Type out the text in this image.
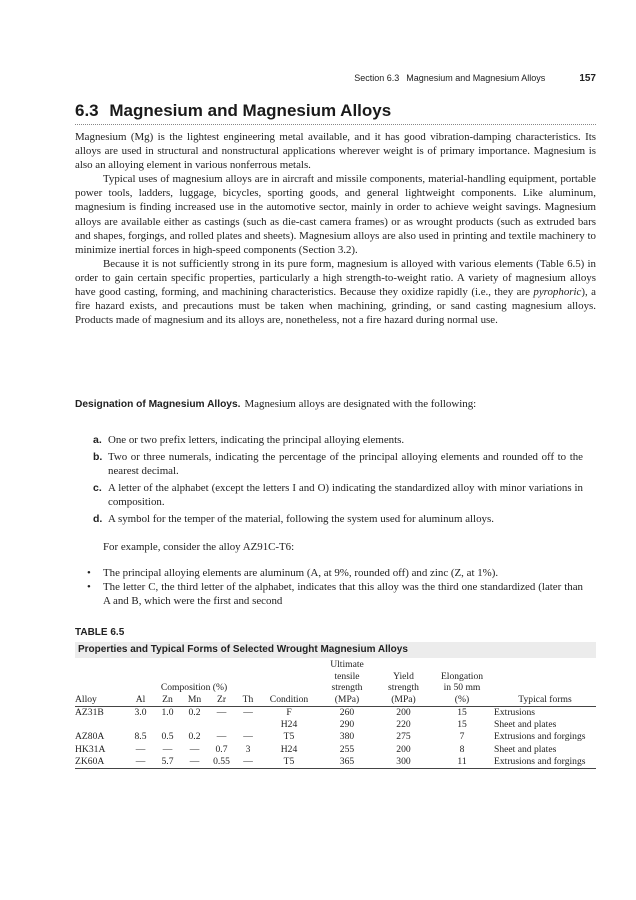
Section 6.3 Magnesium and Magnesium Alloys	157
6.3 Magnesium and Magnesium Alloys

Magnesium (Mg) is the lightest engineering metal available, and it has good vibration-damping characteristics. Its alloys are used in structural and nonstructural applications wherever weight is of primary importance. Magnesium is also an alloying element in various nonferrous metals.

Typical uses of magnesium alloys are in aircraft and missile components, material-handling equipment, portable power tools, ladders, luggage, bicycles, sporting goods, and general lightweight components. Like aluminum, magnesium is finding increased use in the automotive sector, mainly in order to achieve weight savings. Magnesium alloys are available either as castings (such as die-cast camera frames) or as wrought products (such as extruded bars and shapes, forgings, and rolled plates and sheets). Magnesium alloys are also used in printing and textile machinery to minimize inertial forces in high-speed components (Section 3.2).

Because it is not sufficiently strong in its pure form, magnesium is alloyed with various elements (Table 6.5) in order to gain certain specific properties, particularly a high strength-to-weight ratio. A variety of magnesium alloys have good casting, forming, and machining characteristics. Because they oxidize rapidly (i.e., they are pyrophoric), a fire hazard exists, and precautions must be taken when machining, grinding, or sand casting magnesium alloys. Products made of magnesium and its alloys are, nonetheless, not a fire hazard during normal use.

Designation of Magnesium Alloys. Magnesium alloys are designated with the following:

a. One or two prefix letters, indicating the principal alloying elements.
b. Two or three numerals, indicating the percentage of the principal alloying elements and rounded off to the nearest decimal.
c. A letter of the alphabet (except the letters I and O) indicating the standardized alloy with minor variations in composition.
d. A symbol for the temper of the material, following the system used for aluminum alloys.
For example, consider the alloy AZ91C-T6:
•	The principal alloying elements are aluminum (A, at 9%, rounded off) and zinc (Z, at 1%).
•	The letter C, the third letter of the alphabet, indicates that this alloy was the third one standardized (later than A and B, which were the first and second
TABLE 6.5
Properties and Typical Forms of Selected Wrought Magnesium Alloys
							Ultimate			
	Composition (%)						tensile	Yield	Elongation	
							strength	strength	in 50 mm	
Alloy	Al	Zn	Mn	Zr	Th	Condition	(MPa)	(MPa)	(%)	Typical forms
AZ31B	3.0	1.0	0.2	—	—	F	260	200	15	Extrusions
						H24	290	220	15	Sheet and plates
AZ80A	8.5	0.5	0.2	—	—	T5	380	275	7	Extrusions and forgings
HK31A	—	—	—	0.7	3	H24	255	200	8	Sheet and plates
ZK60A	—	5.7	—	0.55	—	T5	365	300	11	Extrusions and forgings
